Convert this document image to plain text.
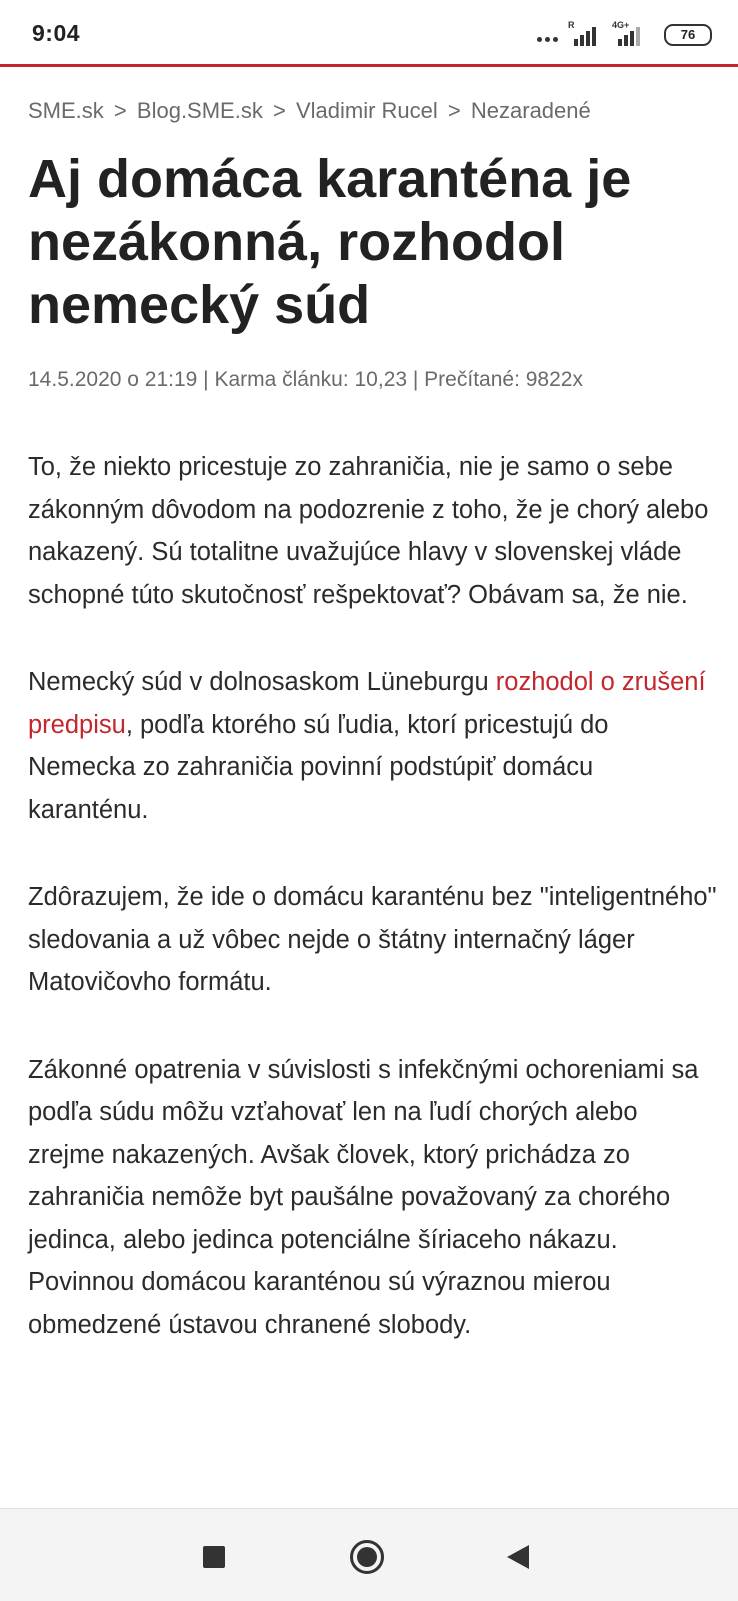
9:04	R	4G+
76
SME.sk > Blog.SME.sk > Vladimir Rucel > Nezaradené
Aj domáca karanténa je nezákonná, rozhodol nemecký súd
14.5.2020 o 21:19 | Karma článku: 10,23 | Prečítané: 9822x

To, že niekto pricestuje zo zahraničia, nie je samo o sebe zákonným dôvodom na podozrenie z toho, že je chorý alebo nakazený. Sú totalitne uvažujúce hlavy v slovenskej vláde schopné túto skutočnosť rešpektovať? Obávam sa, že nie.

Nemecký súd v dolnosaskom Lüneburgu rozhodol o zrušení predpisu, podľa ktorého sú ľudia, ktorí pricestujú do Nemecka zo zahraničia povinní podstúpiť domácu karanténu.

Zdôrazujem, že ide o domácu karanténu bez "inteligentného" sledovania a už vôbec nejde o štátny internačný láger Matovičovho formátu.

Zákonné opatrenia v súvislosti s infekčnými ochoreniami sa podľa súdu môžu vzťahovať len na ľudí chorých alebo zrejme nakazených. Avšak človek, ktorý prichádza zo zahraničia nemôže byt paušálne považovaný za chorého jedinca, alebo jedinca potenciálne šíriaceho nákazu. Povinnou domácou karanténou sú výraznou mierou obmedzené ústavou chranené slobody.
